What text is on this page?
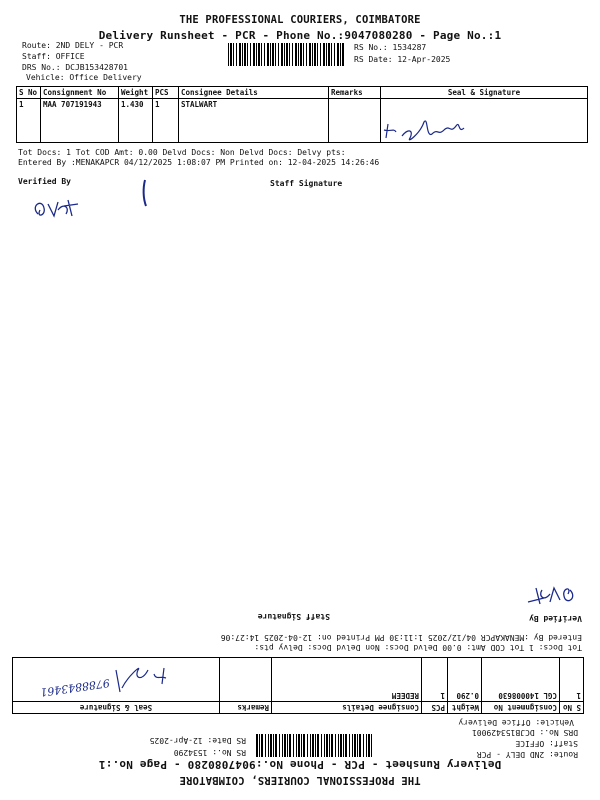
THE PROFESSIONAL COURIERS, COIMBATORE
Delivery Runsheet - PCR - Phone No.:9047080280 - Page No.:1
Route: 2ND DELY - PCR
Staff: OFFICE
DRS No.: DCJB153428701
Vehicle: Office Delivery
RS No.: 1534287
RS Date: 12-Apr-2025
S No	Consignment No	Weight	PCS	Consignee Details	Remarks	Seal & Signature
1	MAA 707191943	1.430	1	STALWART		
Tot Docs: 1 Tot COD Amt: 0.00 Delvd Docs: Non Delvd Docs: Delvy pts:
Entered By :MENAKAPCR 04/12/2025 1:08:07 PM Printed on: 12-04-2025 14:26:46
Verified By	Staff Signature
THE PROFESSIONAL COURIERS, COIMBATORE
Delivery Runsheet - PCR - Phone No.:9047080280 - Page No.:1
Route: 2ND DELY - PCR
Staff: OFFICE
DRS No.: DCJB153429001
Vehicle: Office Delivery
RS No.: 1534290
RS Date: 12-Apr-2025
S No	Consignment No	Weight	PCS	Consignee Details	Remarks	Seal & Signature
1	CGL 140008630	0.290	1	REDEEM		
9788843461
Tot Docs: 1 Tot COD Amt: 0.00 Delvd Docs: Non Delvd Docs: Delvy pts:
Entered By :MENAKAPCR 04/12/2025 1:11:30 PM Printed on: 12-04-2025 14:27:06
Verified By
Staff Signature
